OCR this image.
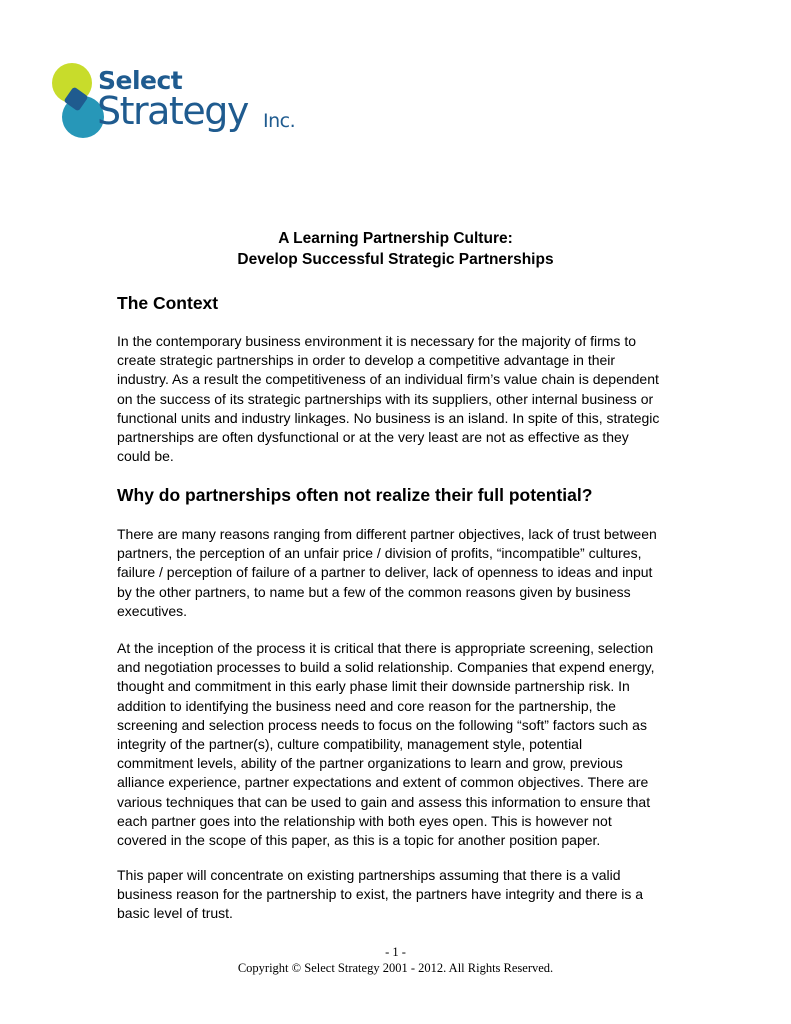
Select
Strategy Inc.
A Learning Partnership Culture:
Develop Successful Strategic Partnerships
The Context
In the contemporary business environment it is necessary for the majority of firms to
create strategic partnerships in order to develop a competitive advantage in their
industry. As a result the competitiveness of an individual firm’s value chain is dependent
on the success of its strategic partnerships with its suppliers, other internal business or
functional units and industry linkages. No business is an island. In spite of this, strategic
partnerships are often dysfunctional or at the very least are not as effective as they
could be.
Why do partnerships often not realize their full potential?
There are many reasons ranging from different partner objectives, lack of trust between
partners, the perception of an unfair price / division of profits, “incompatible” cultures,
failure / perception of failure of a partner to deliver, lack of openness to ideas and input
by the other partners, to name but a few of the common reasons given by business
executives.
At the inception of the process it is critical that there is appropriate screening, selection
and negotiation processes to build a solid relationship. Companies that expend energy,
thought and commitment in this early phase limit their downside partnership risk. In
addition to identifying the business need and core reason for the partnership, the
screening and selection process needs to focus on the following “soft” factors such as
integrity of the partner(s), culture compatibility, management style, potential
commitment levels, ability of the partner organizations to learn and grow, previous
alliance experience, partner expectations and extent of common objectives. There are
various techniques that can be used to gain and assess this information to ensure that
each partner goes into the relationship with both eyes open. This is however not
covered in the scope of this paper, as this is a topic for another position paper.
This paper will concentrate on existing partnerships assuming that there is a valid
business reason for the partnership to exist, the partners have integrity and there is a
basic level of trust.
- 1 -
Copyright © Select Strategy 2001 - 2012. All Rights Reserved.
